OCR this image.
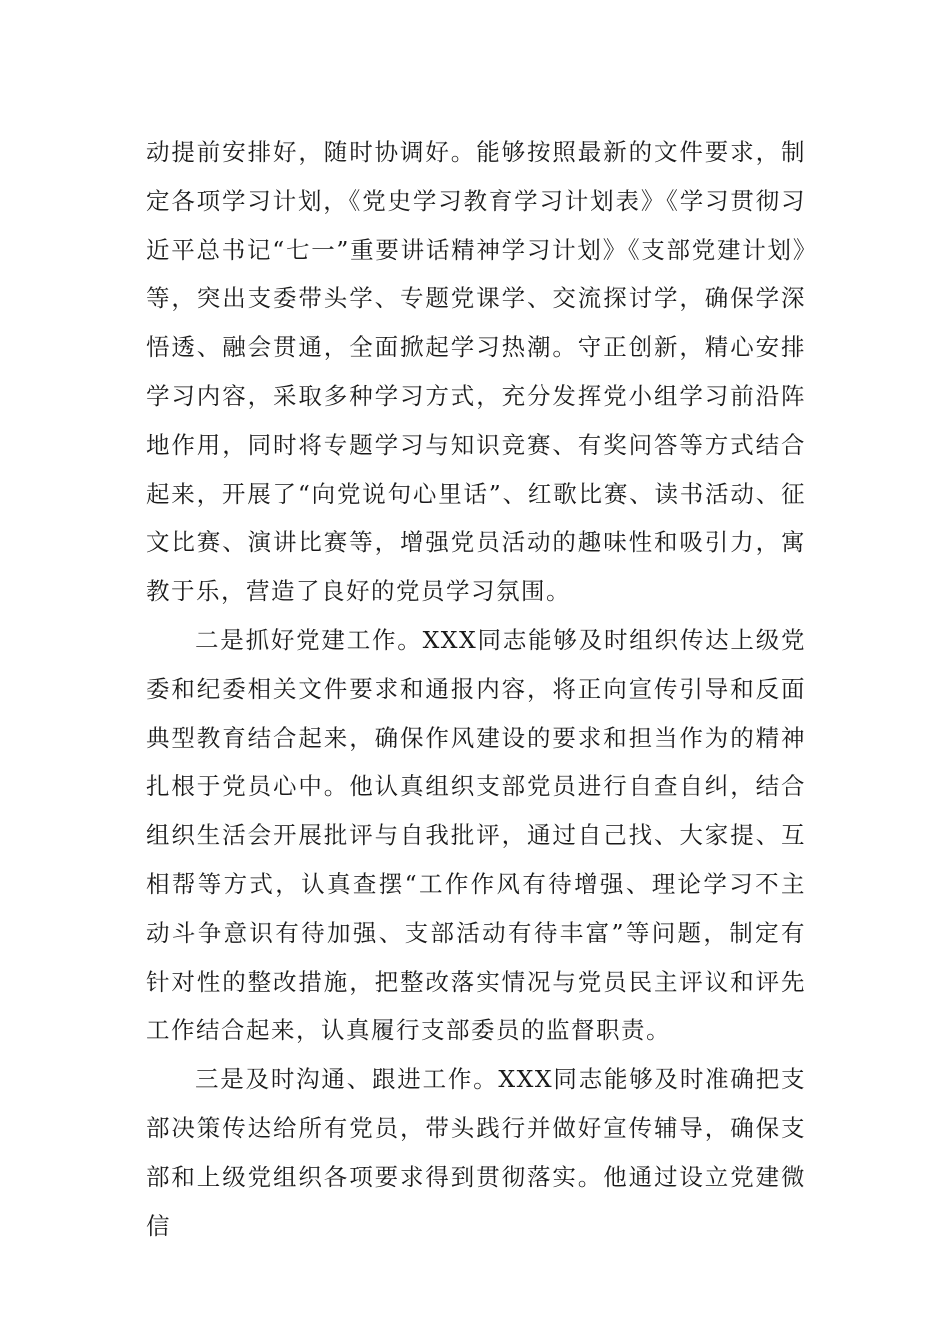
动提前安排好，随时协调好。能够按照最新的文件要求，制定各项学习计划，《党史学习教育学习计划表》《学习贯彻习近平总书记“七一”重要讲话精神学习计划》《支部党建计划》等，突出支委带头学、专题党课学、交流探讨学，确保学深悟透、融会贯通，全面掀起学习热潮。守正创新，精心安排学习内容，采取多种学习方式，充分发挥党小组学习前沿阵地作用，同时将专题学习与知识竞赛、有奖问答等方式结合起来，开展了“向党说句心里话”、红歌比赛、读书活动、征文比赛、演讲比赛等，增强党员活动的趣味性和吸引力，寓教于乐，营造了良好的党员学习氛围。

二是抓好党建工作。XXX同志能够及时组织传达上级党委和纪委相关文件要求和通报内容，将正向宣传引导和反面典型教育结合起来，确保作风建设的要求和担当作为的精神扎根于党员心中。他认真组织支部党员进行自查自纠，结合组织生活会开展批评与自我批评，通过自己找、大家提、互相帮等方式，认真查摆“工作作风有待增强、理论学习不主动斗争意识有待加强、支部活动有待丰富”等问题，制定有针对性的整改措施，把整改落实情况与党员民主评议和评先工作结合起来，认真履行支部委员的监督职责。

三是及时沟通、跟进工作。XXX同志能够及时准确把支部决策传达给所有党员，带头践行并做好宣传辅导，确保支部和上级党组织各项要求得到贯彻落实。他通过设立党建微信
